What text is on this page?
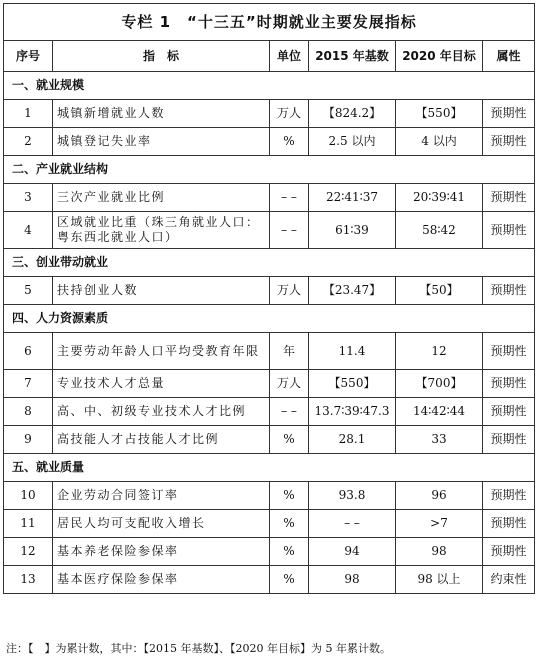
专栏 1　“十三五”时期就业主要发展指标					
序号	指　标	单位	2015 年基数	2020 年目标	属性
一、就业规模					
1	城镇新增就业人数	万人	【824.2】	【550】	预期性
2	城镇登记失业率	%	2.5 以内	4 以内	预期性
二、产业就业结构					
3	三次产业就业比例	– –	22∶41∶37	20∶39∶41	预期性
4	区域就业比重（珠三角就业人口：粤东西北就业人口）	– –	61∶39	58∶42	预期性
三、创业带动就业					
5	扶持创业人数	万人	【23.47】	【50】	预期性
四、人力资源素质					
6	主要劳动年龄人口平均受教育年限	年	11.4	12	预期性
7	专业技术人才总量	万人	【550】	【700】	预期性
8	高、中、初级专业技术人才比例	– –	13.7∶39∶47.3	14∶42∶44	预期性
9	高技能人才占技能人才比例	%	28.1	33	预期性
五、就业质量					
10	企业劳动合同签订率	%	93.8	96	预期性
11	居民人均可支配收入增长	%	– –	>7	预期性
12	基本养老保险参保率	%	94	98	预期性
13	基本医疗保险参保率	%	98	98 以上	约束性
注：【　】为累计数，其中：【2015 年基数】、【2020 年目标】为 5 年累计数。
